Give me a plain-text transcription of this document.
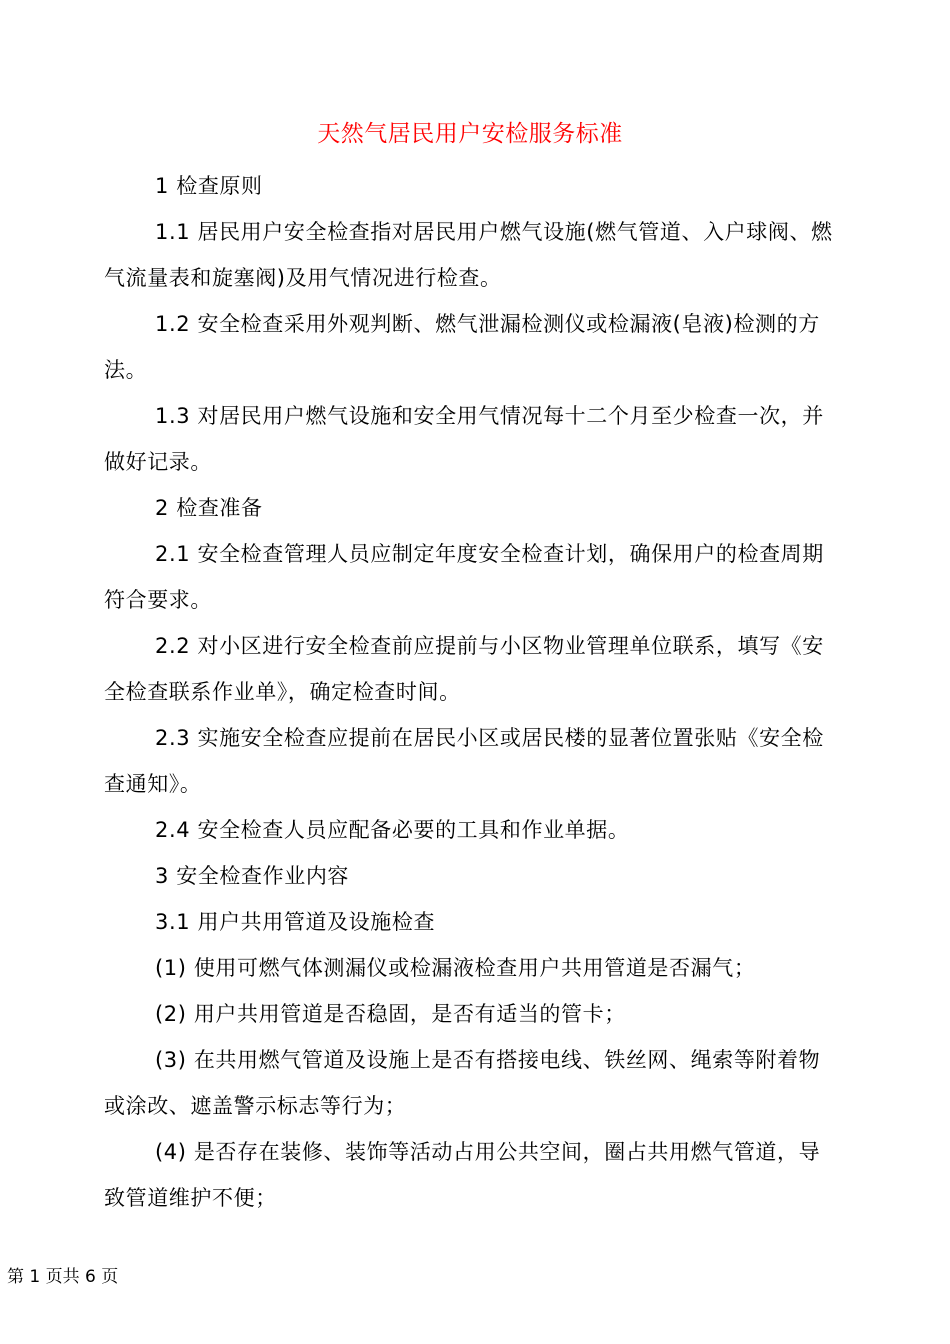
天然气居民用户安检服务标准

1 检查原则

1.1 居民用户安全检查指对居民用户燃气设施(燃气管道、入户球阀、燃气流量表和旋塞阀)及用气情况进行检查。

1.2 安全检查采用外观判断、燃气泄漏检测仪或检漏液(皂液)检测的方法。

1.3 对居民用户燃气设施和安全用气情况每十二个月至少检查一次，并做好记录。

2 检查准备

2.1 安全检查管理人员应制定年度安全检查计划，确保用户的检查周期符合要求。

2.2 对小区进行安全检查前应提前与小区物业管理单位联系，填写《安全检查联系作业单》，确定检查时间。

2.3 实施安全检查应提前在居民小区或居民楼的显著位置张贴《安全检查通知》。

2.4 安全检查人员应配备必要的工具和作业单据。

3 安全检查作业内容

3.1 用户共用管道及设施检查

(1) 使用可燃气体测漏仪或检漏液检查用户共用管道是否漏气；

(2) 用户共用管道是否稳固，是否有适当的管卡；

(3) 在共用燃气管道及设施上是否有搭接电线、铁丝网、绳索等附着物或涂改、遮盖警示标志等行为；

(4) 是否存在装修、装饰等活动占用公共空间，圈占共用燃气管道，导致管道维护不便；

第 1 页共 6 页
